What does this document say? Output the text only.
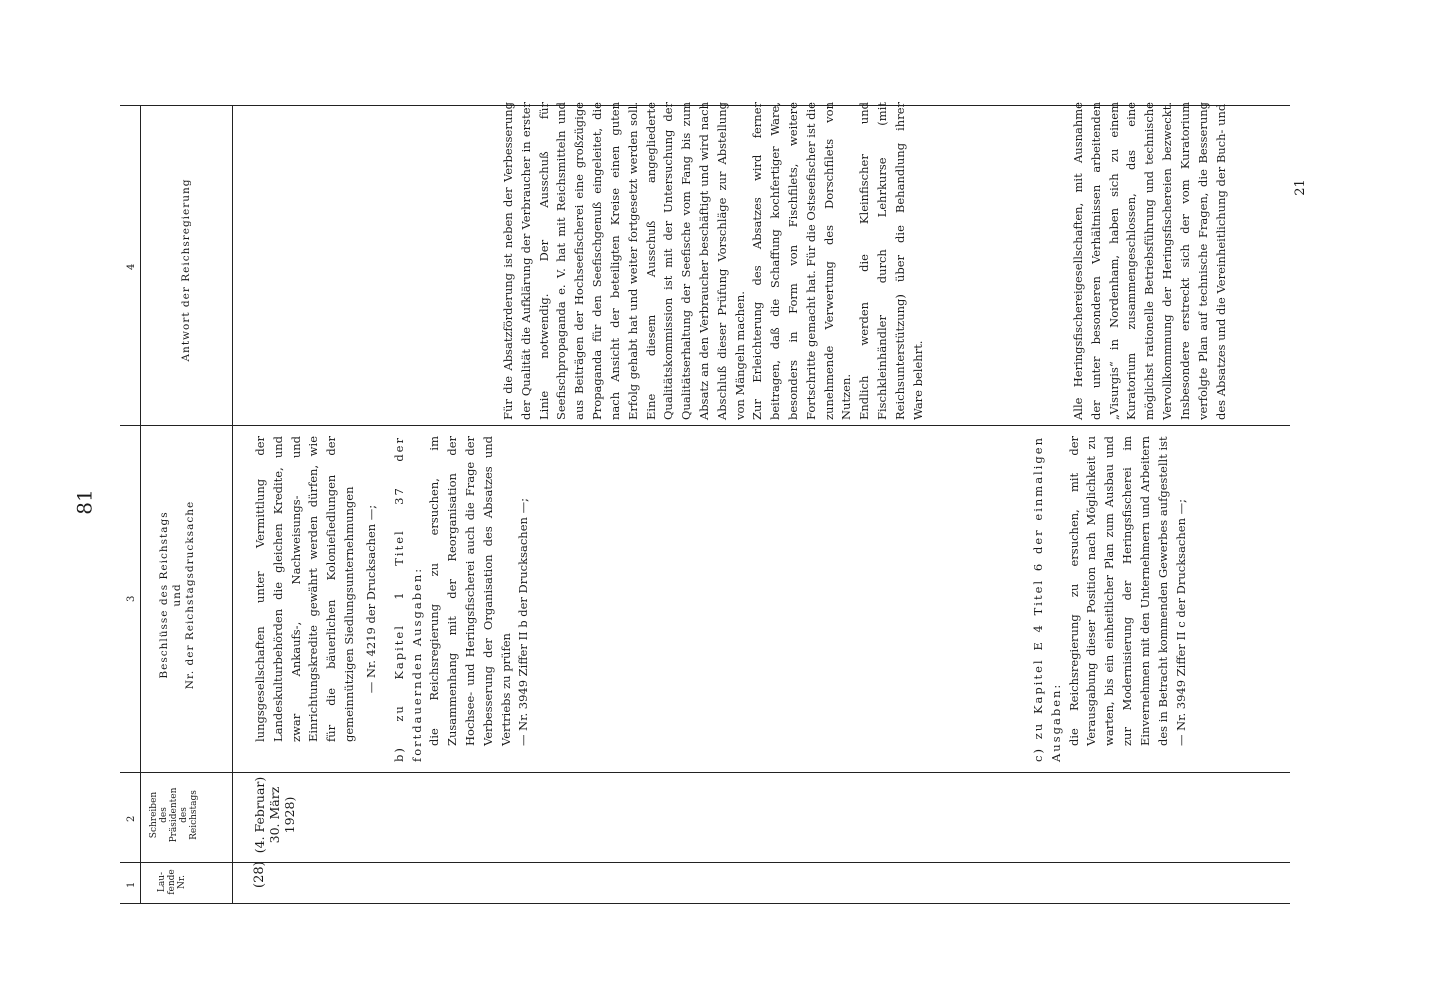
81
21
1
2
3
4
Lau-
fende
Nr.
Schreiben
des
Präsidenten
des
Reichstags
Beschlüsse des Reichstags und Nr. der Reichstagsdrucksache
Antwort der Reichsregierung
(28)
(4. Februar)
30. März
1928)
lungsgesellschaften unter Vermittlung der Landeskulturbehörden die gleichen Kredite, und zwar Ankaufs-, Nachweisungs- und Einrichtungskredite gewährt werden dürfen, wie für die bäuerlichen Kolonieſiedlungen der gemeinnützigen Siedlungsunternehmungen — Nr. 4219 der Drucksachen —; b) zu Kapitel 1 Titel 37 der fortdauernden Ausgaben: die Reichsregierung zu ersuchen, im Zusammenhang mit der Reorganisation der Hochsee- und Heringsfischerei auch die Frage der Verbesserung der Organisation des Absatzes und Vertriebs zu prüfen — Nr. 3949 Ziffer II b der Drucksachen —;	c) zu Kapitel E 4 Titel 6 der einmaligen Ausgaben: die Reichsregierung zu ersuchen, mit der Verausgabung dieser Position nach Möglichkeit zu warten, bis ein einheitlicher Plan zum Ausbau und zur Modernisierung der Heringsfischerei im Einvernehmen mit den Unternehmern und Arbeitern des in Betracht kommenden Gewerbes aufgestellt ist — Nr. 3949 Ziffer II c der Drucksachen —;
Für die Absatzförderung ist neben der Verbesserung der Qualität die Aufklärung der Verbraucher in erster Linie notwendig. Der Ausschuß für Seefischpropaganda e. V. hat mit Reichsmitteln und aus Beiträgen der Hochseefischerei eine großzügige Propaganda für den Seefischgenuß eingeleitet, die nach Ansicht der beteiligten Kreise einen guten Erfolg gehabt hat und weiter fortgesetzt werden soll. Eine diesem Ausschuß angegliederte Qualitätskommission ist mit der Untersuchung der Qualitätserhaltung der Seefische vom Fang bis zum Absatz an den Verbraucher beschäftigt und wird nach Abschluß dieser Prüfung Vorschläge zur Abstellung von Mängeln machen.
Zur Erleichterung des Absatzes wird ferner beitragen, daß die Schaffung kochfertiger Ware, besonders in Form von Fischfilets, weitere Fortschritte gemacht hat. Für die Ostseefischer ist die zunehmende Verwertung des Dorschfilets von Nutzen.
Endlich werden die Kleinfischer und Fischkleinhändler durch Lehrkurse (mit Reichsunterstützung) über die Behandlung ihrer Ware belehrt.	Alle Heringsfischereigesellschaften, mit Ausnahme der unter besonderen Verhältnissen arbeitenden „Visurgis“ in Nordenham, haben sich zu einem Kuratorium zusammengeschlossen, das eine möglichst rationelle Betriebsführung und technische Vervollkommnung der Heringsfischereien bezweckt. Insbesondere erstreckt sich der vom Kuratorium verfolgte Plan auf technische Fragen, die Besserung des Absatzes und die Vereinheitlichung der Buch- und
